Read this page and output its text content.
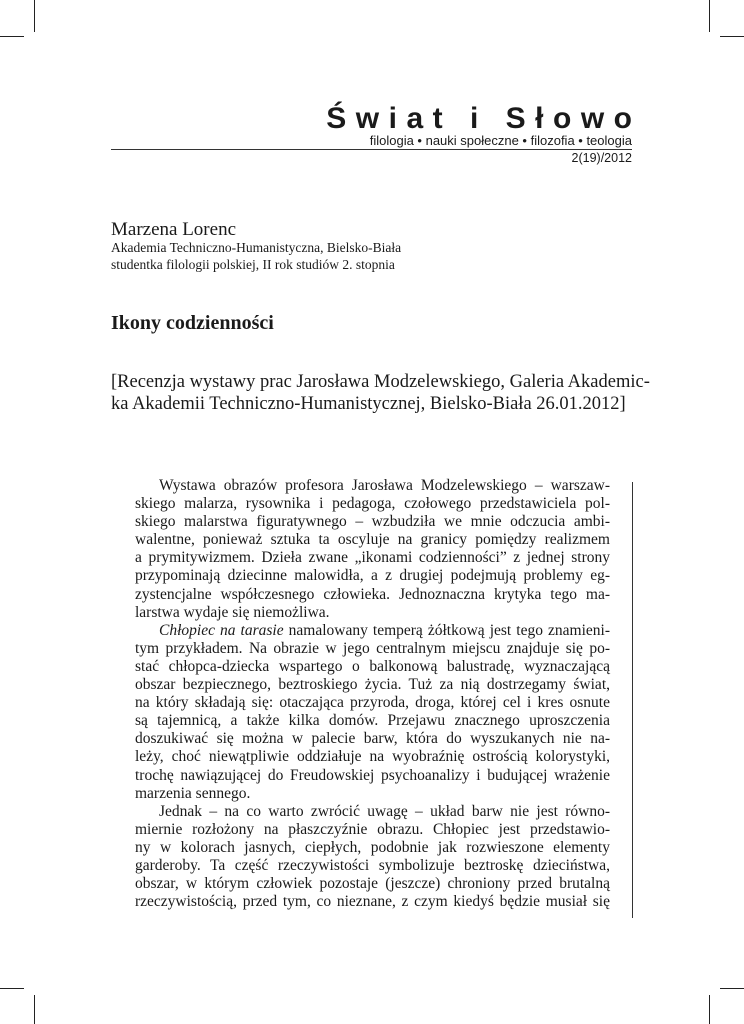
Świat i Słowo
filologia • nauki społeczne • filozofia • teologia
2(19)/2012
Marzena Lorenc
Akademia Techniczno-Humanistyczna, Bielsko-Biała
studentka filologii polskiej, II rok studiów 2. stopnia
Ikony codzienności
[Recenzja wystawy prac Jarosława Modzelewskiego, Galeria Akademic-
ka Akademii Techniczno-Humanistycznej, Bielsko-Biała 26.01.2012]
Wystawa obrazów profesora Jarosława Modzelewskiego – warszaw-
skiego malarza, rysownika i pedagoga, czołowego przedstawiciela pol-
skiego malarstwa figuratywnego – wzbudziła we mnie odczucia ambi-
walentne, ponieważ sztuka ta oscyluje na granicy pomiędzy realizmem
a prymitywizmem. Dzieła zwane „ikonami codzienności” z jednej strony
przypominają dziecinne malowidła, a z drugiej podejmują problemy eg-
zystencjalne współczesnego człowieka. Jednoznaczna krytyka tego ma-
larstwa wydaje się niemożliwa.
Chłopiec na tarasie namalowany temperą żółtkową jest tego znamieni-
tym przykładem. Na obrazie w jego centralnym miejscu znajduje się po-
stać chłopca-dziecka wspartego o balkonową balustradę, wyznaczającą
obszar bezpiecznego, beztroskiego życia. Tuż za nią dostrzegamy świat,
na który składają się: otaczająca przyroda, droga, której cel i kres osnute
są tajemnicą, a także kilka domów. Przejawu znacznego uproszczenia
doszukiwać się można w palecie barw, która do wyszukanych nie na-
leży, choć niewątpliwie oddziałuje na wyobraźnię ostrością kolorystyki,
trochę nawiązującej do Freudowskiej psychoanalizy i budującej wrażenie
marzenia sennego.
Jednak – na co warto zwrócić uwagę – układ barw nie jest równo-
miernie rozłożony na płaszczyźnie obrazu. Chłopiec jest przedstawio-
ny w kolorach jasnych, ciepłych, podobnie jak rozwieszone elementy
garderoby. Ta część rzeczywistości symbolizuje beztroskę dzieciństwa,
obszar, w którym człowiek pozostaje (jeszcze) chroniony przed brutalną
rzeczywistością, przed tym, co nieznane, z czym kiedyś będzie musiał się
